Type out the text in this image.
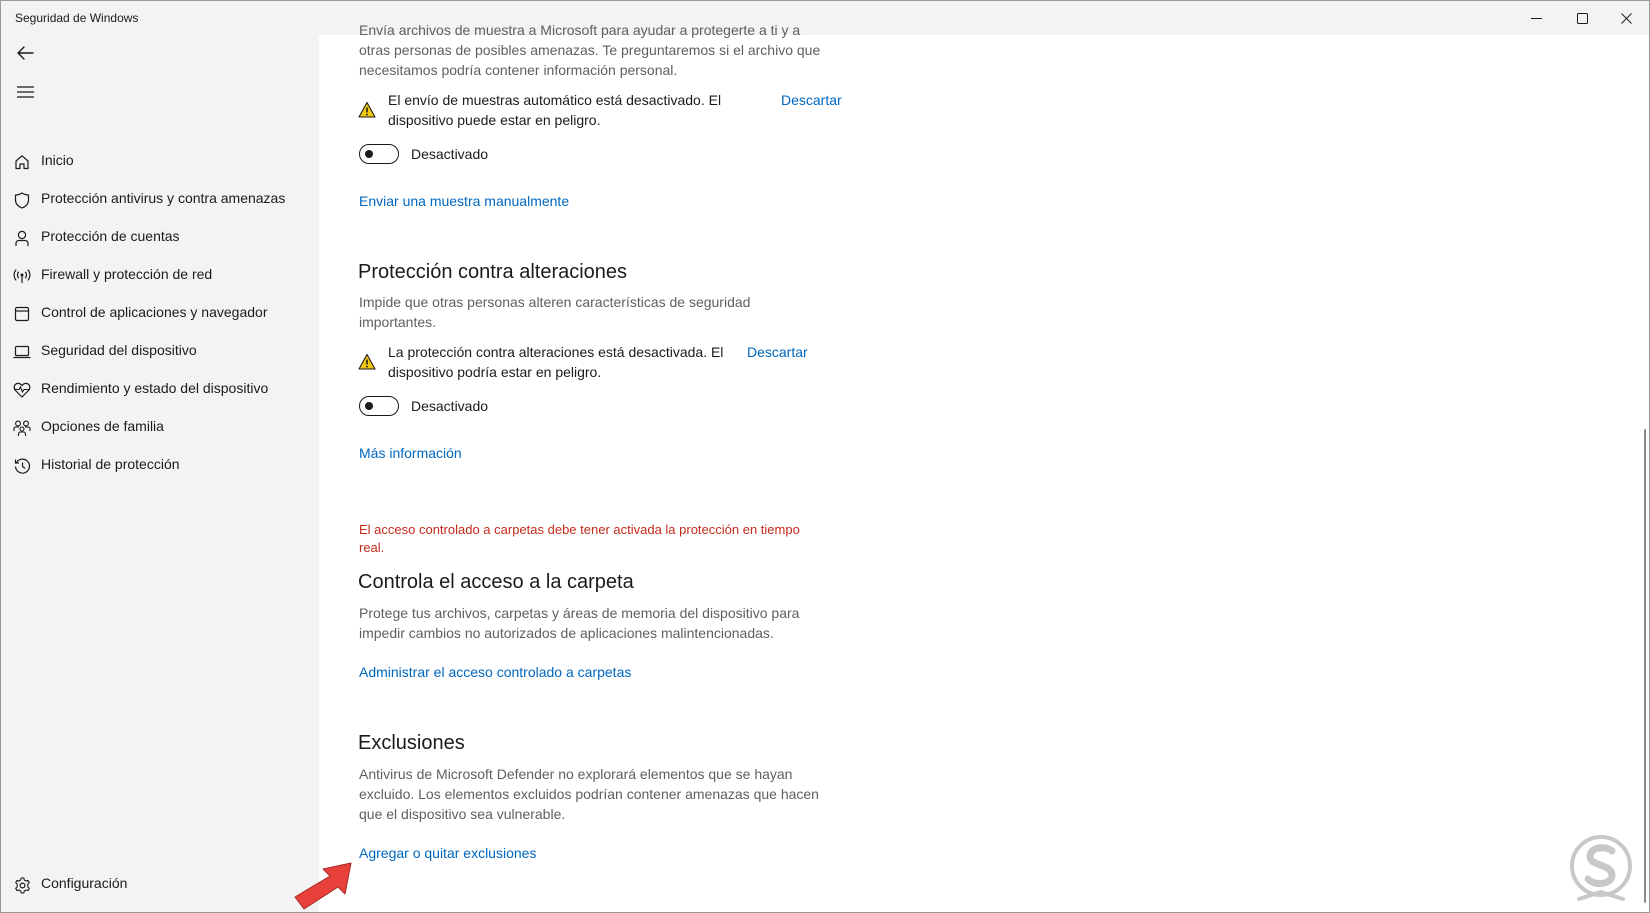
Seguridad de Windows
Inicio
Protección antivirus y contra amenazas
Protección de cuentas
Firewall y protección de red
Control de aplicaciones y navegador
Seguridad del dispositivo
Rendimiento y estado del dispositivo
Opciones de familia
Historial de protección
Configuración
Envía archivos de muestra a Microsoft para ayudar a protegerte a ti y a
otras personas de posibles amenazas. Te preguntaremos si el archivo que
necesitamos podría contener información personal.
El envío de muestras automático está desactivado. El
dispositivo puede estar en peligro.
Descartar
Desactivado
Enviar una muestra manualmente
Protección contra alteraciones
Impide que otras personas alteren características de seguridad
importantes.
La protección contra alteraciones está desactivada. El
dispositivo podría estar en peligro.
Descartar
Desactivado
Más información
El acceso controlado a carpetas debe tener activada la protección en tiempo
real.
Controla el acceso a la carpeta
Protege tus archivos, carpetas y áreas de memoria del dispositivo para
impedir cambios no autorizados de aplicaciones malintencionadas.
Administrar el acceso controlado a carpetas
Exclusiones
Antivirus de Microsoft Defender no explorará elementos que se hayan
excluido. Los elementos excluidos podrían contener amenazas que hacen
que el dispositivo sea vulnerable.
Agregar o quitar exclusiones
